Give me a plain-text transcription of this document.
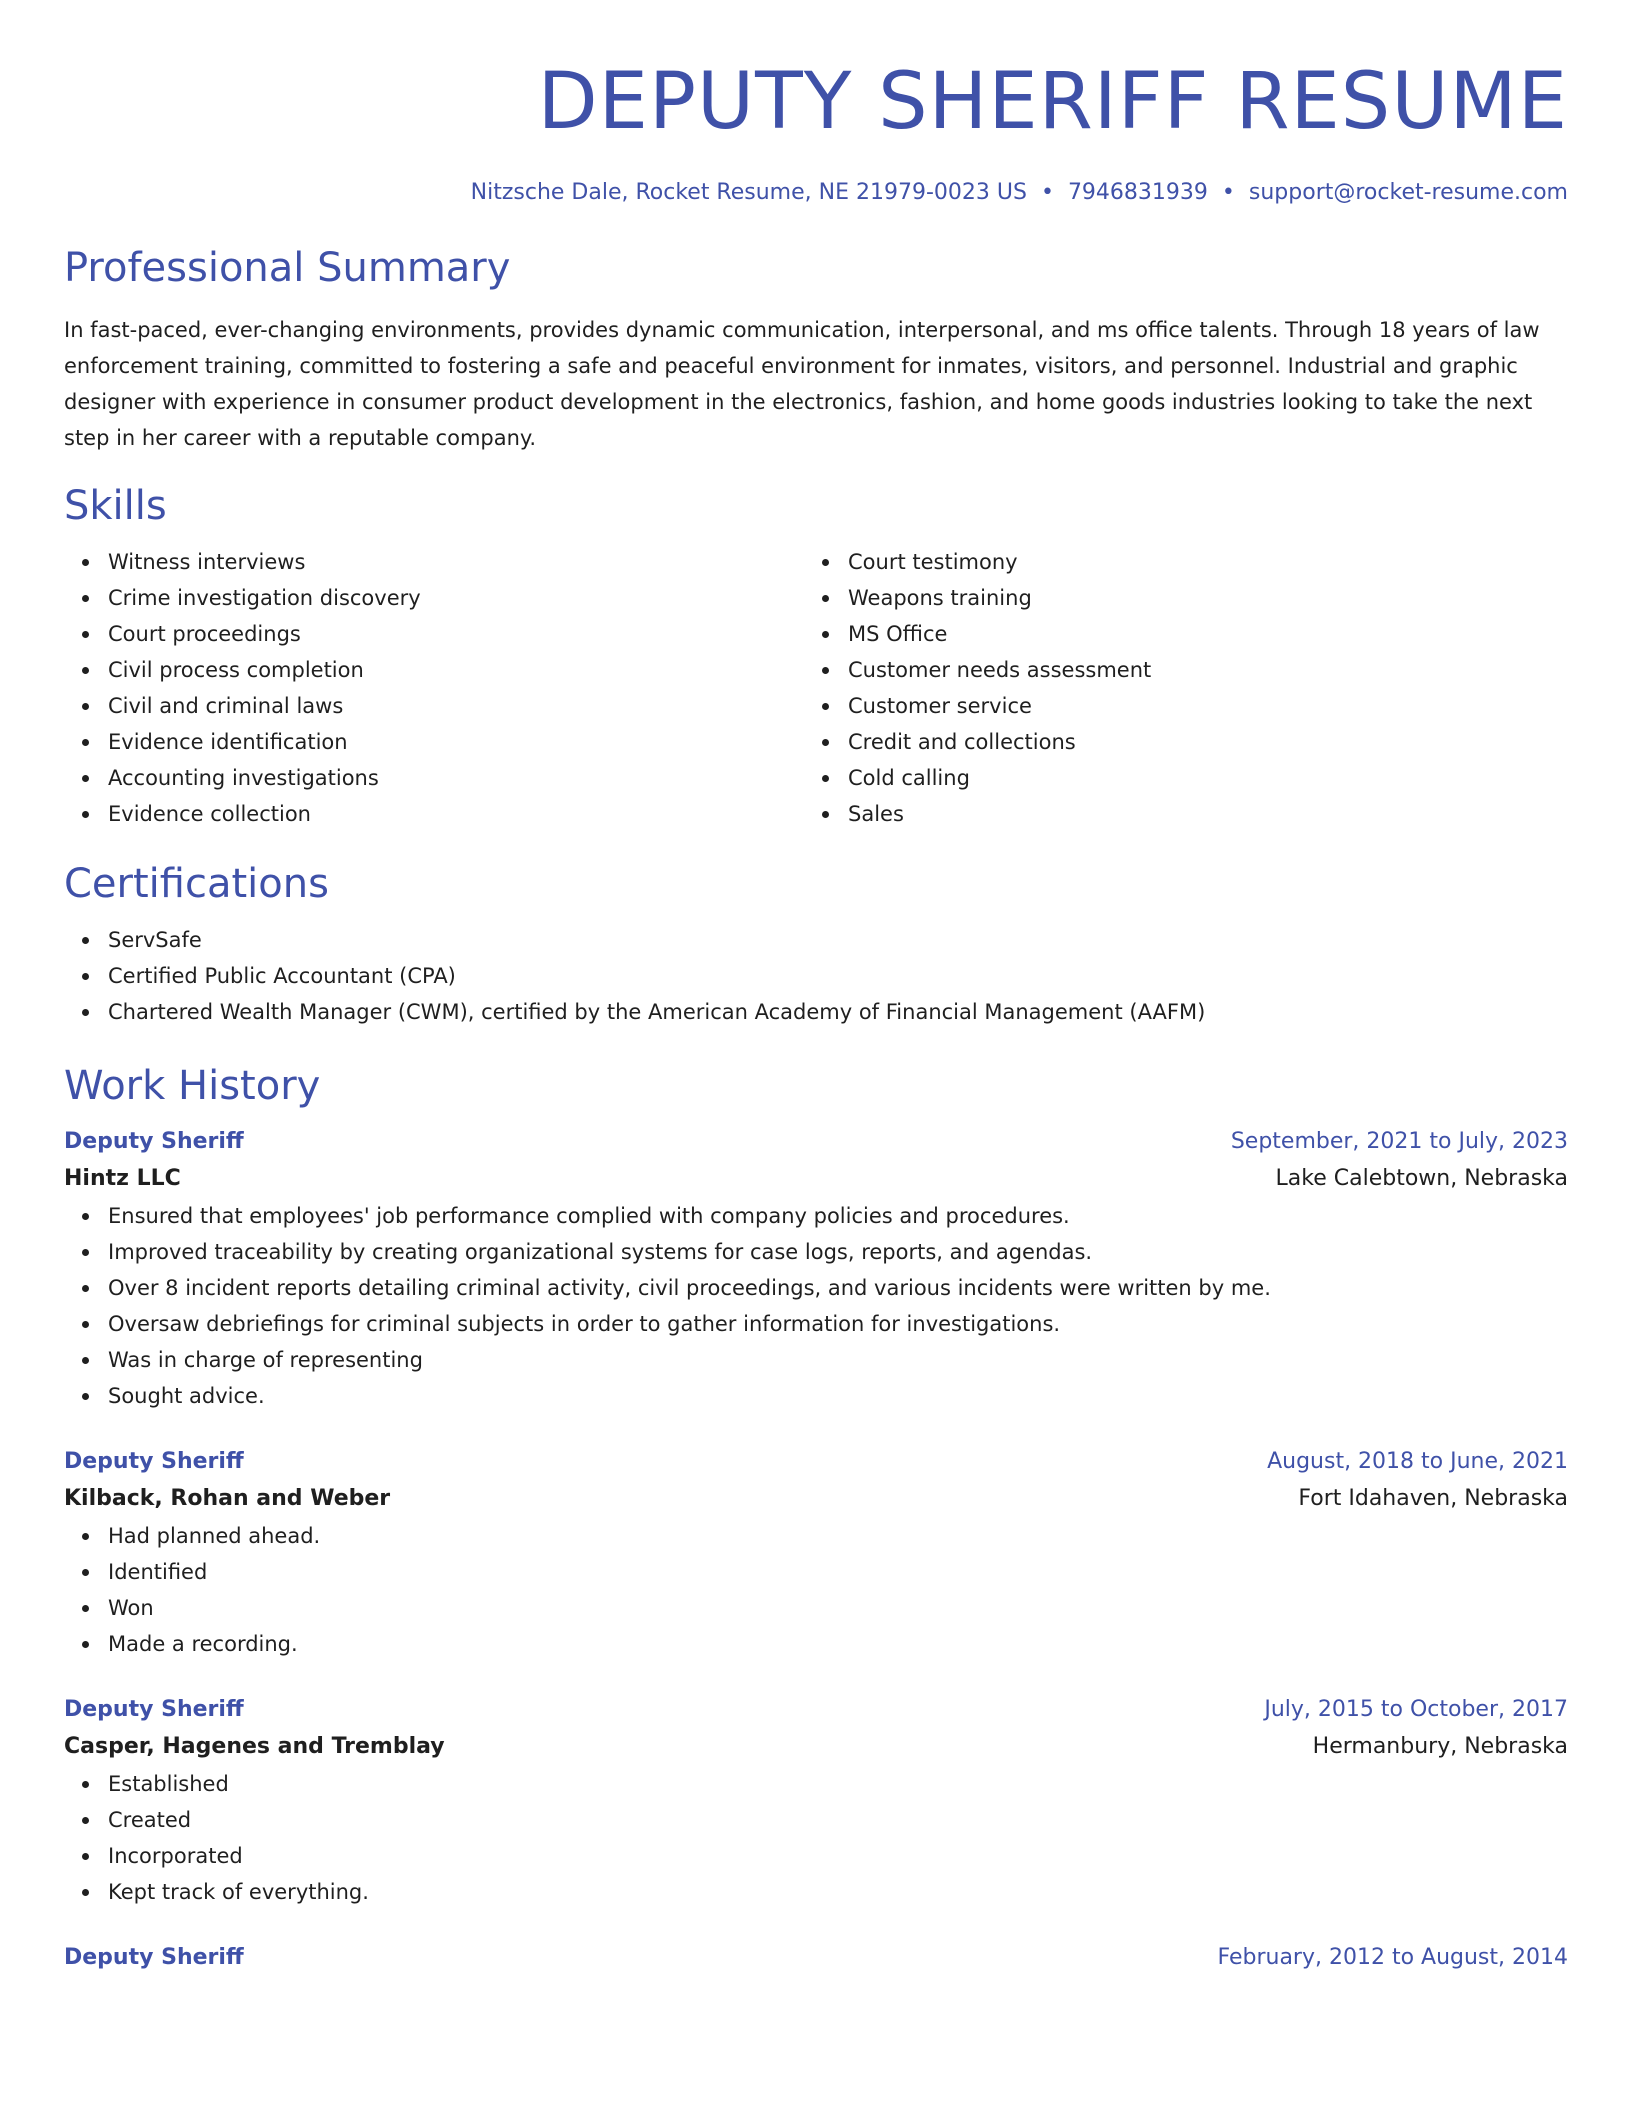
DEPUTY SHERIFF RESUME
Nitzsche Dale, Rocket Resume, NE 21979-0023 US • 7946831939 • support@rocket-resume.com
Professional Summary

In fast-paced, ever-changing environments, provides dynamic communication, interpersonal, and ms office talents. Through 18 years of law enforcement training, committed to fostering a safe and peaceful environment for inmates, visitors, and personnel. Industrial and graphic designer with experience in consumer product development in the electronics, fashion, and home goods industries looking to take the next step in her career with a reputable company.

Skills
Witness interviews
Crime investigation discovery
Court proceedings
Civil process completion
Civil and criminal laws
Evidence identification
Accounting investigations
Evidence collection
Court testimony
Weapons training
MS Office
Customer needs assessment
Customer service
Credit and collections
Cold calling
Sales
Certifications
ServSafe
Certified Public Accountant (CPA)
Chartered Wealth Manager (CWM), certified by the American Academy of Financial Management (AAFM)
Work History
Deputy Sheriff	September, 2021 to July, 2023
Hintz LLC	Lake Calebtown, Nebraska
Ensured that employees' job performance complied with company policies and procedures.
Improved traceability by creating organizational systems for case logs, reports, and agendas.
Over 8 incident reports detailing criminal activity, civil proceedings, and various incidents were written by me.
Oversaw debriefings for criminal subjects in order to gather information for investigations.
Was in charge of representing
Sought advice.
Deputy Sheriff	August, 2018 to June, 2021
Kilback, Rohan and Weber	Fort Idahaven, Nebraska
Had planned ahead.
Identified
Won
Made a recording.
Deputy Sheriff	July, 2015 to October, 2017
Casper, Hagenes and Tremblay	Hermanbury, Nebraska
Established
Created
Incorporated
Kept track of everything.
Deputy Sheriff	February, 2012 to August, 2014
